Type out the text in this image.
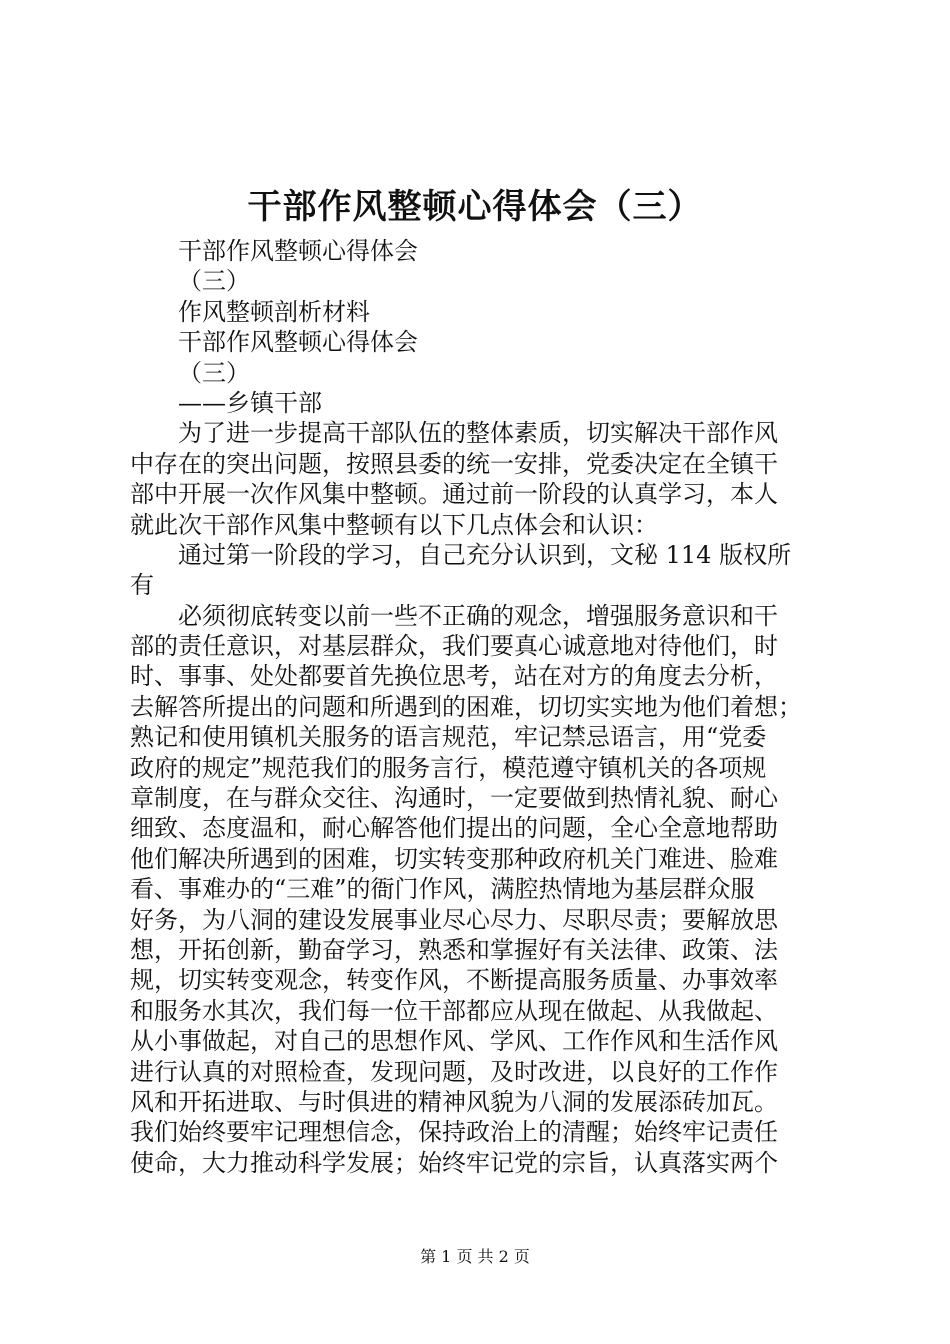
干部作风整顿心得体会（三）
干部作风整顿心得体会
（三）
作风整顿剖析材料
干部作风整顿心得体会
（三）
——乡镇干部
为了进一步提高干部队伍的整体素质，切实解决干部作风
中存在的突出问题，按照县委的统一安排，党委决定在全镇干
部中开展一次作风集中整顿。通过前一阶段的认真学习，本人
就此次干部作风集中整顿有以下几点体会和认识：
通过第一阶段的学习，自己充分认识到，文秘 114 版权所
有
必须彻底转变以前一些不正确的观念，增强服务意识和干
部的责任意识，对基层群众，我们要真心诚意地对待他们，时
时、事事、处处都要首先换位思考，站在对方的角度去分析，
去解答所提出的问题和所遇到的困难，切切实实地为他们着想；
熟记和使用镇机关服务的语言规范，牢记禁忌语言，用“党委
政府的规定”规范我们的服务言行，模范遵守镇机关的各项规
章制度，在与群众交往、沟通时，一定要做到热情礼貌、耐心
细致、态度温和，耐心解答他们提出的问题，全心全意地帮助
他们解决所遇到的困难，切实转变那种政府机关门难进、脸难
看、事难办的“三难”的衙门作风，满腔热情地为基层群众服
好务，为八洞的建设发展事业尽心尽力、尽职尽责；要解放思
想，开拓创新，勤奋学习，熟悉和掌握好有关法律、政策、法
规，切实转变观念，转变作风，不断提高服务质量、办事效率
和服务水其次，我们每一位干部都应从现在做起、从我做起、
从小事做起，对自己的思想作风、学风、工作作风和生活作风
进行认真的对照检查，发现问题，及时改进，以良好的工作作
风和开拓进取、与时俱进的精神风貌为八洞的发展添砖加瓦。
我们始终要牢记理想信念，保持政治上的清醒；始终牢记责任
使命，大力推动科学发展；始终牢记党的宗旨，认真落实两个
第 1 页 共 2 页
